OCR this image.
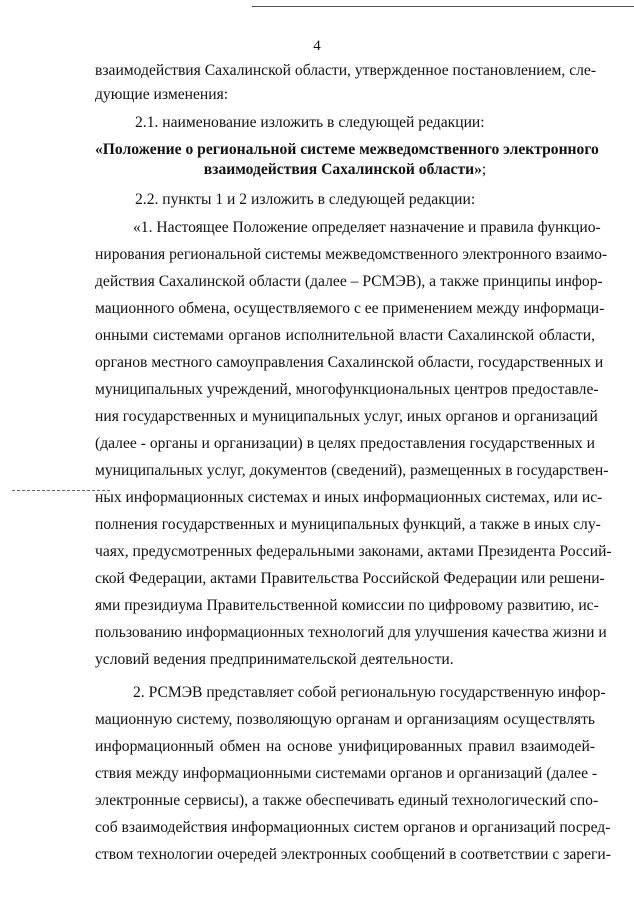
4
взаимодействия Сахалинской области, утвержденное постановлением, сле-
дующие изменения:
2.1. наименование изложить в следующей редакции:
«Положение о региональной системе межведомственного электронного
взаимодействия Сахалинской области»;
2.2. пункты 1 и 2 изложить в следующей редакции:
«1. Настоящее Положение определяет назначение и правила функцио-
нирования региональной системы межведомственного электронного взаимо-
действия Сахалинской области (далее – РСМЭВ), а также принципы инфор-
мационного обмена, осуществляемого с ее применением между информаци-
онными системами органов исполнительной власти Сахалинской области,
органов местного самоуправления Сахалинской области, государственных и
муниципальных учреждений, многофункциональных центров предоставле-
ния государственных и муниципальных услуг, иных органов и организаций
(далее - органы и организации) в целях предоставления государственных и
муниципальных услуг, документов (сведений), размещенных в государствен-
ных информационных системах и иных информационных системах, или ис-
полнения государственных и муниципальных функций, а также в иных слу-
чаях, предусмотренных федеральными законами, актами Президента Россий-
ской Федерации, актами Правительства Российской Федерации или решени-
ями президиума Правительственной комиссии по цифровому развитию, ис-
пользованию информационных технологий для улучшения качества жизни и
условий ведения предпринимательской деятельности.
2. РСМЭВ представляет собой региональную государственную инфор-
мационную систему, позволяющую органам и организациям осуществлять
информационный обмен на основе унифицированных правил взаимодей-
ствия между информационными системами органов и организаций (далее -
электронные сервисы), а также обеспечивать единый технологический спо-
соб взаимодействия информационных систем органов и организаций посред-
ством технологии очередей электронных сообщений в соответствии с зареги-
